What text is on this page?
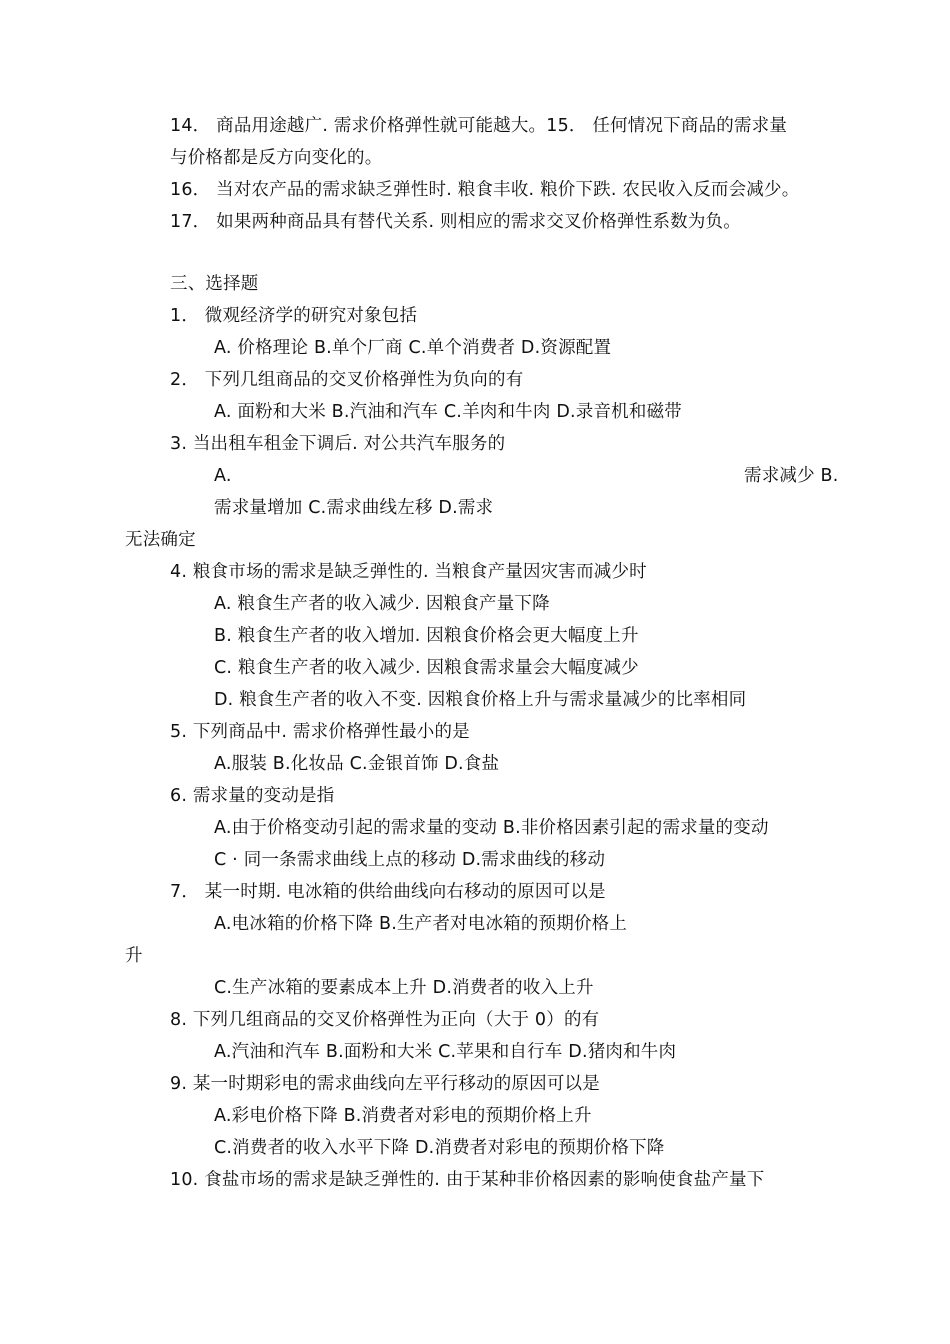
14． 商品用途越广. 需求价格弹性就可能越大。15． 任何情况下商品的需求量
与价格都是反方向变化的。
16． 当对农产品的需求缺乏弹性时. 粮食丰收. 粮价下跌. 农民收入反而会减少。
17． 如果两种商品具有替代关系. 则相应的需求交叉价格弹性系数为负。
三、选择题
1． 微观经济学的研究对象包括
A. 价格理论 B.单个厂商 C.单个消费者 D.资源配置
2． 下列几组商品的交叉价格弹性为负向的有
A. 面粉和大米 B.汽油和汽车 C.羊肉和牛肉 D.录音机和磁带
3. 当出租车租金下调后. 对公共汽车服务的
A.	需求减少 B.
需求量增加 C.需求曲线左移 D.需求
无法确定
4. 粮食市场的需求是缺乏弹性的. 当粮食产量因灾害而减少时
A. 粮食生产者的收入减少. 因粮食产量下降
B. 粮食生产者的收入增加. 因粮食价格会更大幅度上升
C. 粮食生产者的收入减少. 因粮食需求量会大幅度减少
D. 粮食生产者的收入不变. 因粮食价格上升与需求量减少的比率相同
5. 下列商品中. 需求价格弹性最小的是
A.服装 B.化妆品 C.金银首饰 D.食盐
6. 需求量的变动是指
A.由于价格变动引起的需求量的变动 B.非价格因素引起的需求量的变动
C · 同一条需求曲线上点的移动 D.需求曲线的移动
7． 某一时期. 电冰箱的供给曲线向右移动的原因可以是
A.电冰箱的价格下降 B.生产者对电冰箱的预期价格上
升
C.生产冰箱的要素成本上升 D.消费者的收入上升
8. 下列几组商品的交叉价格弹性为正向（大于 0）的有
A.汽油和汽车 B.面粉和大米 C.苹果和自行车 D.猪肉和牛肉
9. 某一时期彩电的需求曲线向左平行移动的原因可以是
A.彩电价格下降 B.消费者对彩电的预期价格上升
C.消费者的收入水平下降 D.消费者对彩电的预期价格下降
10. 食盐市场的需求是缺乏弹性的. 由于某种非价格因素的影响使食盐产量下
